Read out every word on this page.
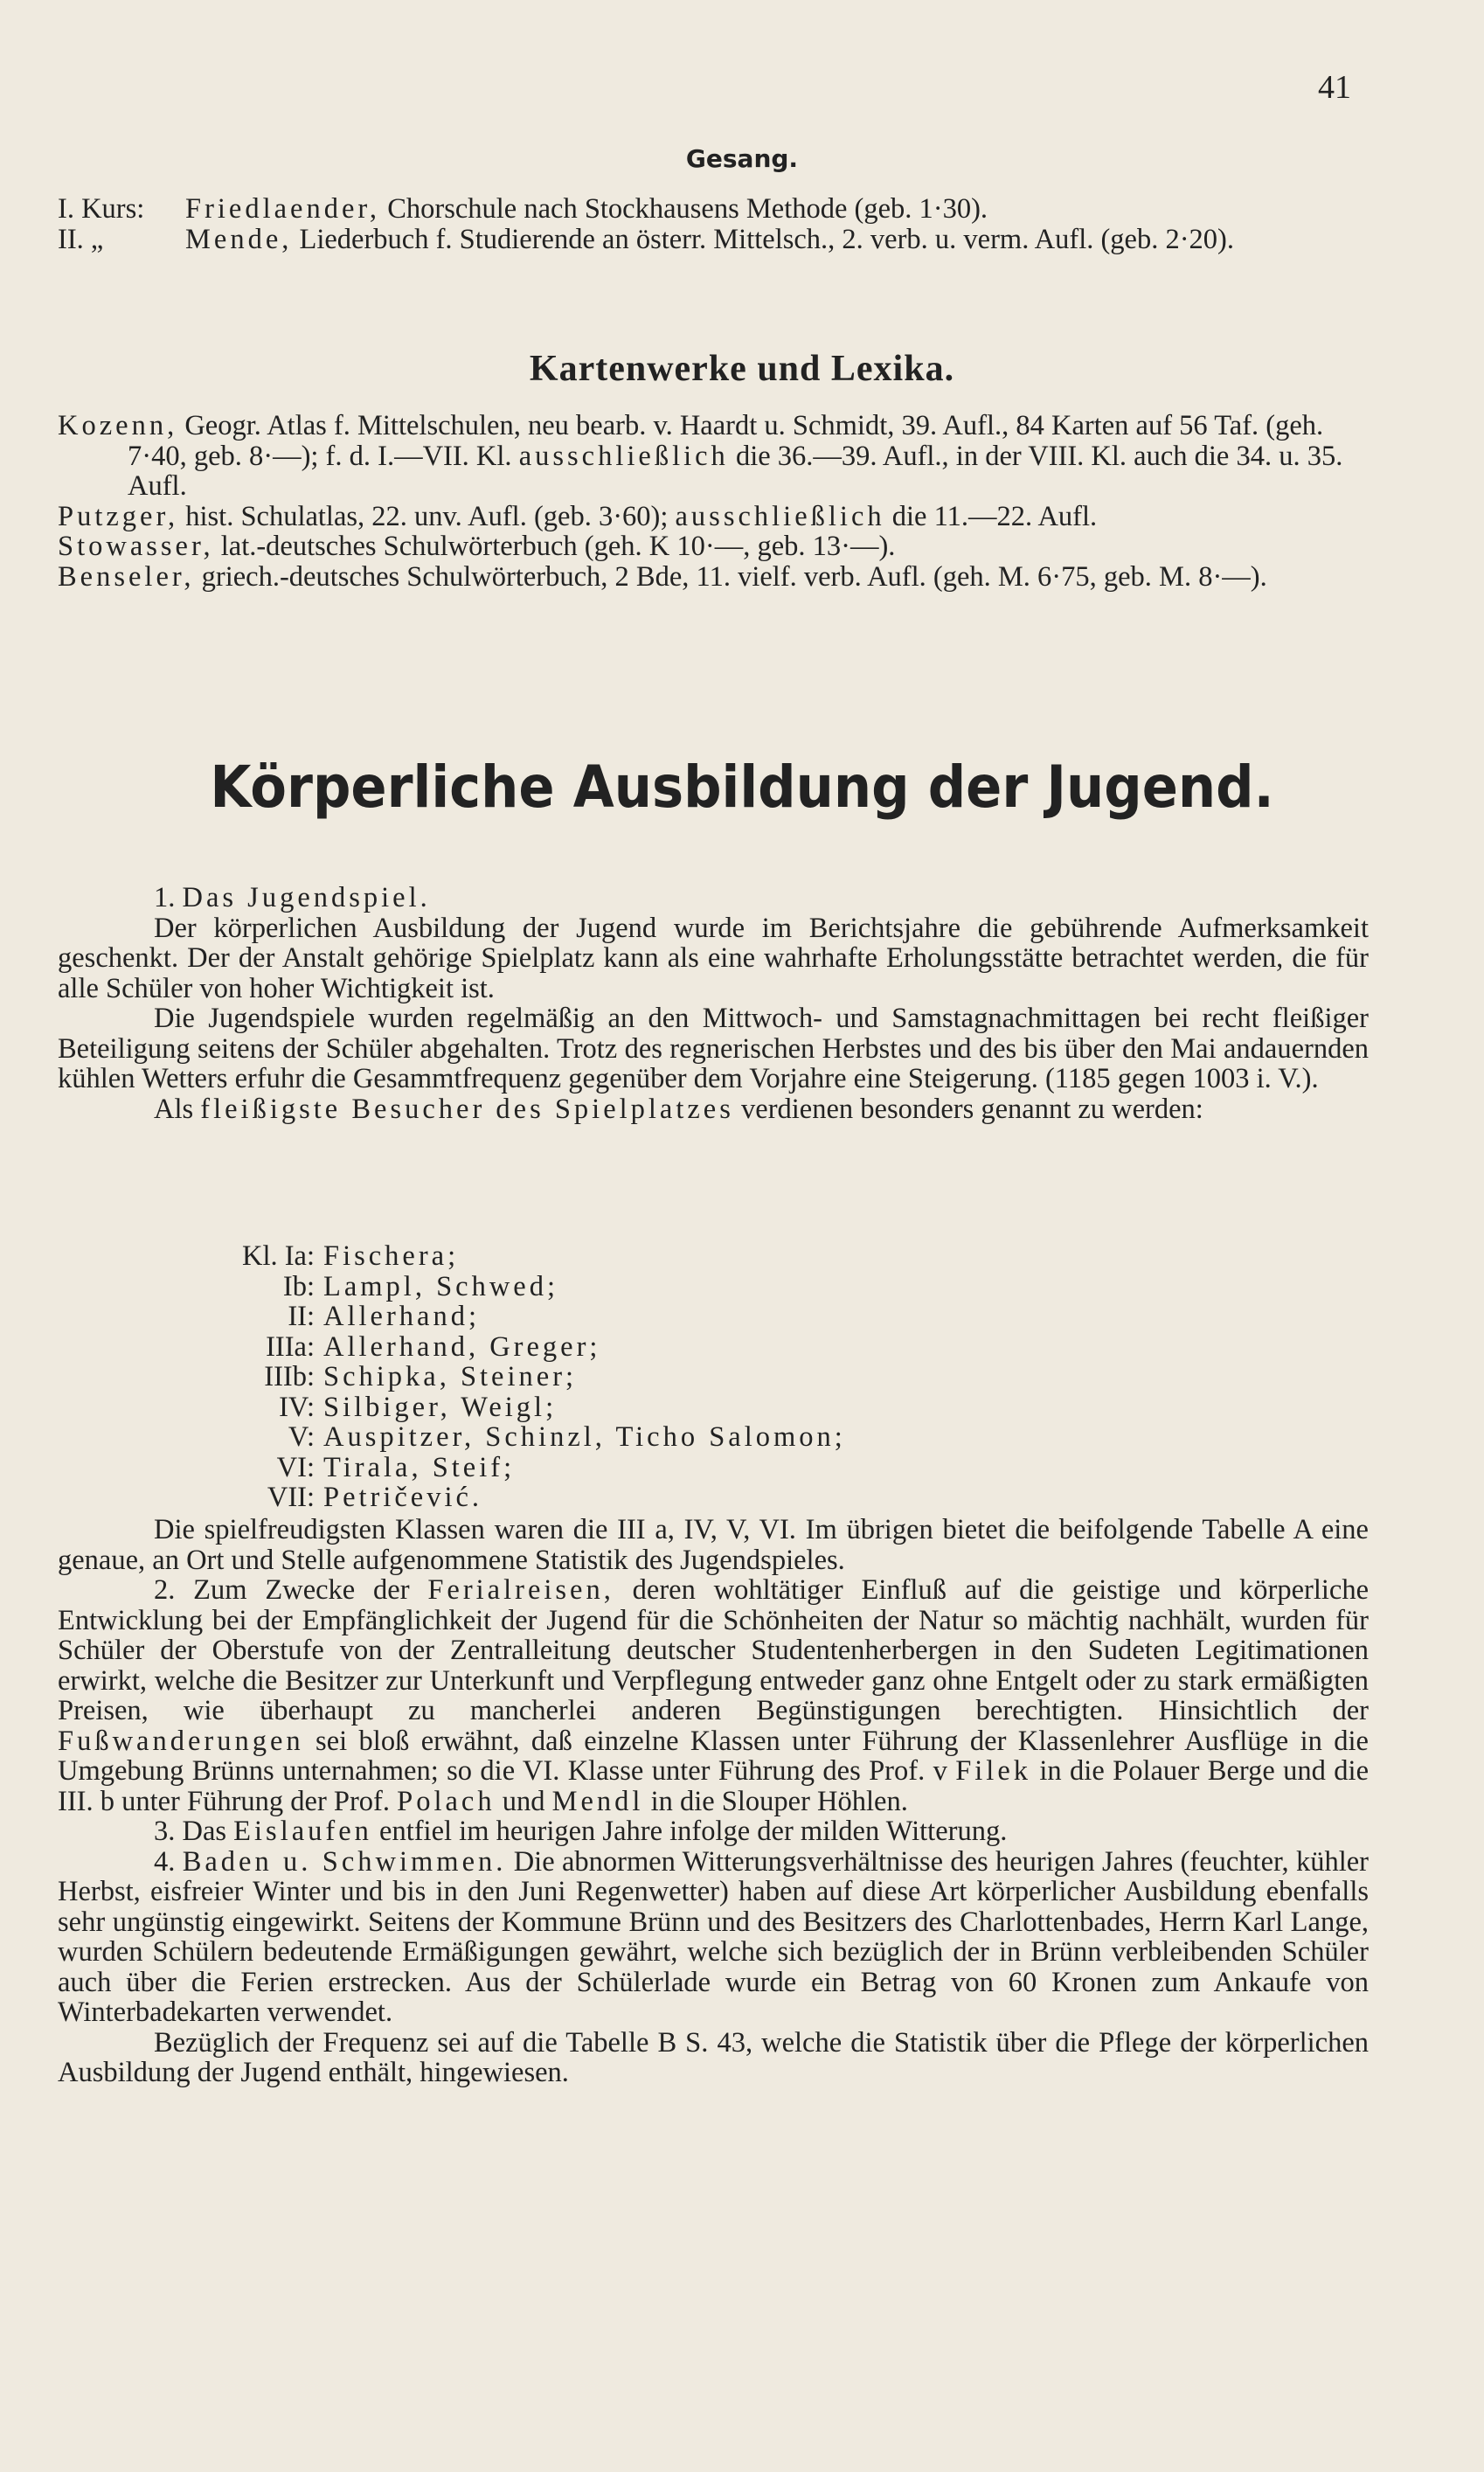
41
Gesang.
I. Kurs: Friedlaender, Chorschule nach Stockhausens Methode (geb. 1·30).
II. „	Mende, Liederbuch f. Studierende an österr. Mittelsch., 2. verb. u. verm. Aufl. (geb. 2·20).
Kartenwerke und Lexika.
Kozenn, Geogr. Atlas f. Mittelschulen, neu bearb. v. Haardt u. Schmidt, 39. Aufl., 84 Karten auf 56 Taf. (geh. 7·40, geb. 8·—); f. d. I.—VII. Kl. ausschließlich die 36.—39. Aufl., in der VIII. Kl. auch die 34. u. 35. Aufl.
Putzger, hist. Schulatlas, 22. unv. Aufl. (geb. 3·60); ausschließlich die 11.—22. Aufl.
Stowasser, lat.-deutsches Schulwörterbuch (geh. K 10·—, geb. 13·—).
Benseler, griech.-deutsches Schulwörterbuch, 2 Bde, 11. vielf. verb. Aufl. (geh. M. 6·75, geb. M. 8·—).
Körperliche Ausbildung der Jugend.

1. Das Jugendspiel.

Der körperlichen Ausbildung der Jugend wurde im Berichtsjahre die gebührende Aufmerksamkeit geschenkt. Der der Anstalt gehörige Spielplatz kann als eine wahrhafte Erholungsstätte betrachtet werden, die für alle Schüler von hoher Wichtigkeit ist.

Die Jugendspiele wurden regelmäßig an den Mittwoch- und Samstagnachmittagen bei recht fleißiger Beteiligung seitens der Schüler abgehalten. Trotz des regnerischen Herbstes und des bis über den Mai andauernden kühlen Wetters erfuhr die Gesammtfrequenz gegenüber dem Vorjahre eine Steigerung. (1185 gegen 1003 i. V.).

Als fleißigste Besucher des Spielplatzes verdienen besonders genannt zu werden:

Kl. Ia: Fischera;
Ib: Lampl, Schwed;
II: Allerhand;
IIIa: Allerhand, Greger;
IIIb: Schipka, Steiner;
IV: Silbiger, Weigl;
V: Auspitzer, Schinzl, Ticho Salomon;
VI: Tirala, Steif;
VII: Petričević.

Die spielfreudigsten Klassen waren die III a, IV, V, VI. Im übrigen bietet die beifolgende Tabelle A eine genaue, an Ort und Stelle aufgenommene Statistik des Jugendspieles.

2. Zum Zwecke der Ferialreisen, deren wohltätiger Einfluß auf die geistige und körperliche Entwicklung bei der Empfänglichkeit der Jugend für die Schönheiten der Natur so mächtig nachhält, wurden für Schüler der Oberstufe von der Zentralleitung deutscher Studentenherbergen in den Sudeten Legitimationen erwirkt, welche die Besitzer zur Unterkunft und Verpflegung entweder ganz ohne Entgelt oder zu stark ermäßigten Preisen, wie überhaupt zu mancherlei anderen Begünstigungen berechtigten. Hinsichtlich der Fußwanderungen sei bloß erwähnt, daß einzelne Klassen unter Führung der Klassenlehrer Ausflüge in die Umgebung Brünns unternahmen; so die VI. Klasse unter Führung des Prof. v Filek in die Polauer Berge und die III. b unter Führung der Prof. Polach und Mendl in die Slouper Höhlen.

3. Das Eislaufen entfiel im heurigen Jahre infolge der milden Witterung.

4. Baden u. Schwimmen. Die abnormen Witterungsverhältnisse des heurigen Jahres (feuchter, kühler Herbst, eisfreier Winter und bis in den Juni Regenwetter) haben auf diese Art körperlicher Ausbildung ebenfalls sehr ungünstig eingewirkt. Seitens der Kommune Brünn und des Besitzers des Charlottenbades, Herrn Karl Lange, wurden Schülern bedeutende Ermäßigungen gewährt, welche sich bezüglich der in Brünn verbleibenden Schüler auch über die Ferien erstrecken. Aus der Schülerlade wurde ein Betrag von 60 Kronen zum Ankaufe von Winterbadekarten verwendet.

Bezüglich der Frequenz sei auf die Tabelle B S. 43, welche die Statistik über die Pflege der körperlichen Ausbildung der Jugend enthält, hingewiesen.
